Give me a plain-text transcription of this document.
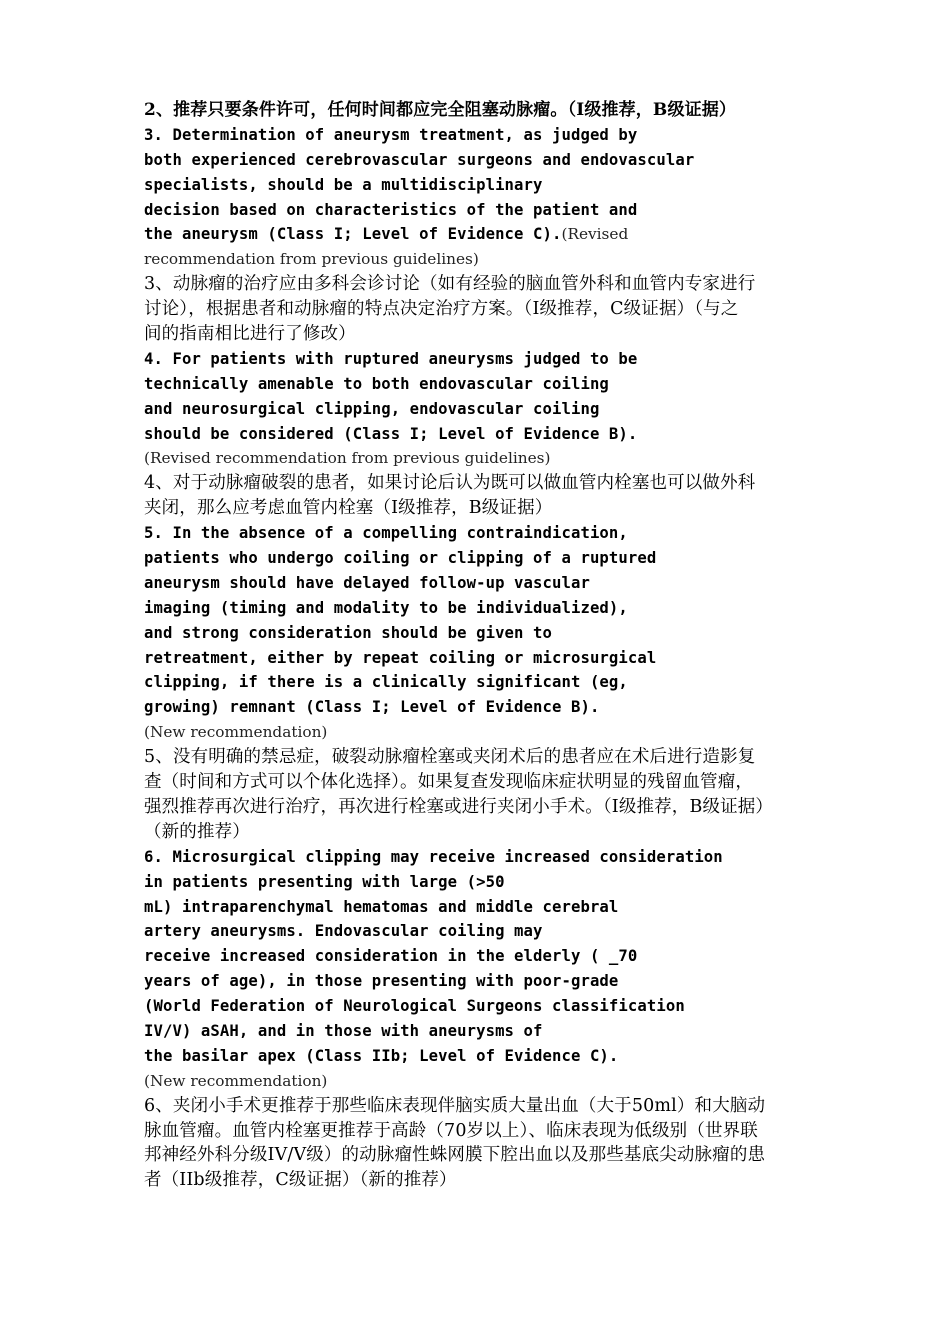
2、推荐只要条件许可，任何时间都应完全阻塞动脉瘤。（I级推荐，B级证据）
3. Determination of aneurysm treatment, as judged by
both experienced cerebrovascular surgeons and endovascular
specialists, should be a multidisciplinary
decision based on characteristics of the patient and
the aneurysm (Class I; Level of Evidence C).(Revised
recommendation from previous guidelines)
3、动脉瘤的治疗应由多科会诊讨论（如有经验的脑血管外科和血管内专家进行
讨论），根据患者和动脉瘤的特点决定治疗方案。（I级推荐，C级证据）（与之
间的指南相比进行了修改）
4. For patients with ruptured aneurysms judged to be
technically amenable to both endovascular coiling
and neurosurgical clipping, endovascular coiling
should be considered (Class I; Level of Evidence B).
(Revised recommendation from previous guidelines)
4、对于动脉瘤破裂的患者，如果讨论后认为既可以做血管内栓塞也可以做外科
夹闭，那么应考虑血管内栓塞（I级推荐，B级证据）
5. In the absence of a compelling contraindication,
patients who undergo coiling or clipping of a ruptured
aneurysm should have delayed follow-up vascular
imaging (timing and modality to be individualized),
and strong consideration should be given to
retreatment, either by repeat coiling or microsurgical
clipping, if there is a clinically significant (eg,
growing) remnant (Class I; Level of Evidence B).
(New recommendation)
5、没有明确的禁忌症，破裂动脉瘤栓塞或夹闭术后的患者应在术后进行造影复
查（时间和方式可以个体化选择）。如果复查发现临床症状明显的残留血管瘤，
强烈推荐再次进行治疗，再次进行栓塞或进行夹闭小手术。（I级推荐，B级证据）
（新的推荐）
6. Microsurgical clipping may receive increased consideration
in patients presenting with large (>50
mL) intraparenchymal hematomas and middle cerebral
artery aneurysms. Endovascular coiling may
receive increased consideration in the elderly ( _70
years of age), in those presenting with poor-grade
(World Federation of Neurological Surgeons classification
IV/V) aSAH, and in those with aneurysms of
the basilar apex (Class IIb; Level of Evidence C).
(New recommendation)
6、夹闭小手术更推荐于那些临床表现伴脑实质大量出血（大于50ml）和大脑动
脉血管瘤。血管内栓塞更推荐于高龄（70岁以上）、临床表现为低级别（世界联
邦神经外科分级IV/V级）的动脉瘤性蛛网膜下腔出血以及那些基底尖动脉瘤的患
者（IIb级推荐，C级证据）（新的推荐）
